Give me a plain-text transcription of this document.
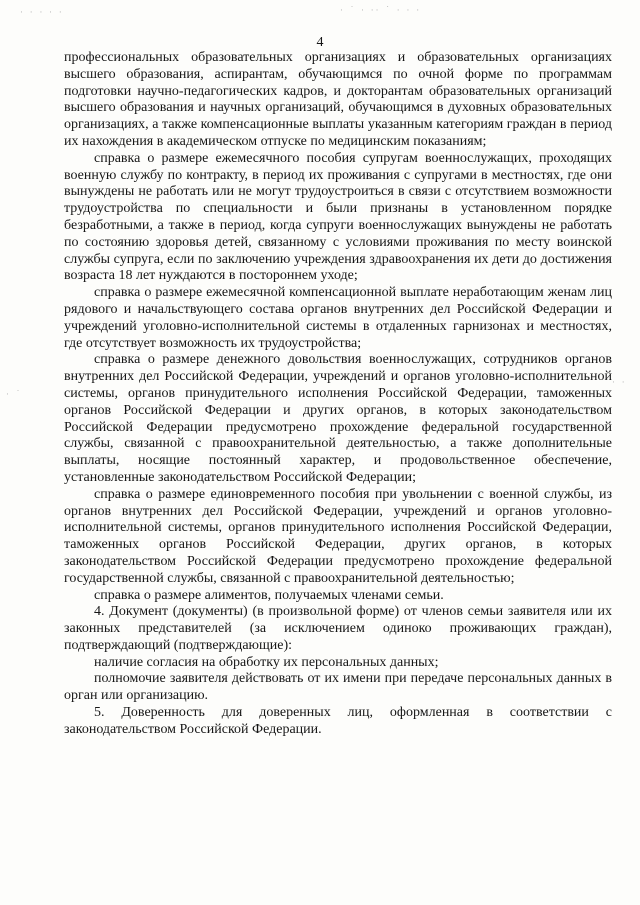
· · · · ·	· ˙ · ·· ˙ · · ·
· ·
· ˙
4

профессиональных образовательных организациях и образовательных организациях высшего образования, аспирантам, обучающимся по очной форме по программам подготовки научно-педагогических кадров, и докторантам образовательных организаций высшего образования и научных организаций, обучающимся в духовных образовательных организациях, а также компенсационные выплаты указанным категориям граждан в период их нахождения в академическом отпуске по медицинским показаниям;

справка о размере ежемесячного пособия супругам военнослужащих, проходящих военную службу по контракту, в период их проживания с супругами в местностях, где они вынуждены не работать или не могут трудоустроиться в связи с отсутствием возможности трудоустройства по специальности и были признаны в установленном порядке безработными, а также в период, когда супруги военнослужащих вынуждены не работать по состоянию здоровья детей, связанному с условиями проживания по месту воинской службы супруга, если по заключению учреждения здравоохранения их дети до достижения возраста 18 лет нуждаются в постороннем уходе;

справка о размере ежемесячной компенсационной выплате неработающим женам лиц рядового и начальствующего состава органов внутренних дел Российской Федерации и учреждений уголовно-исполнительной системы в отдаленных гарнизонах и местностях, где отсутствует возможность их трудоустройства;

справка о размере денежного довольствия военнослужащих, сотрудников органов внутренних дел Российской Федерации, учреждений и органов уголовно-исполнительной системы, органов принудительного исполнения Российской Федерации, таможенных органов Российской Федерации и других органов, в которых законодательством Российской Федерации предусмотрено прохождение федеральной государственной службы, связанной с правоохранительной деятельностью, а также дополнительные выплаты, носящие постоянный характер, и продовольственное обеспечение, установленные законодательством Российской Федерации;

справка о размере единовременного пособия при увольнении с военной службы, из органов внутренних дел Российской Федерации, учреждений и органов уголовно-исполнительной системы, органов принудительного исполнения Российской Федерации, таможенных органов Российской Федерации, других органов, в которых законодательством Российской Федерации предусмотрено прохождение федеральной государственной службы, связанной с правоохранительной деятельностью;

справка о размере алиментов, получаемых членами семьи.

4. Документ (документы) (в произвольной форме) от членов семьи заявителя или их законных представителей (за исключением одиноко проживающих граждан), подтверждающий (подтверждающие):

наличие согласия на обработку их персональных данных;

полномочие заявителя действовать от их имени при передаче персональных данных в орган или организацию.

5. Доверенность для доверенных лиц, оформленная в соответствии с законодательством Российской Федерации.
